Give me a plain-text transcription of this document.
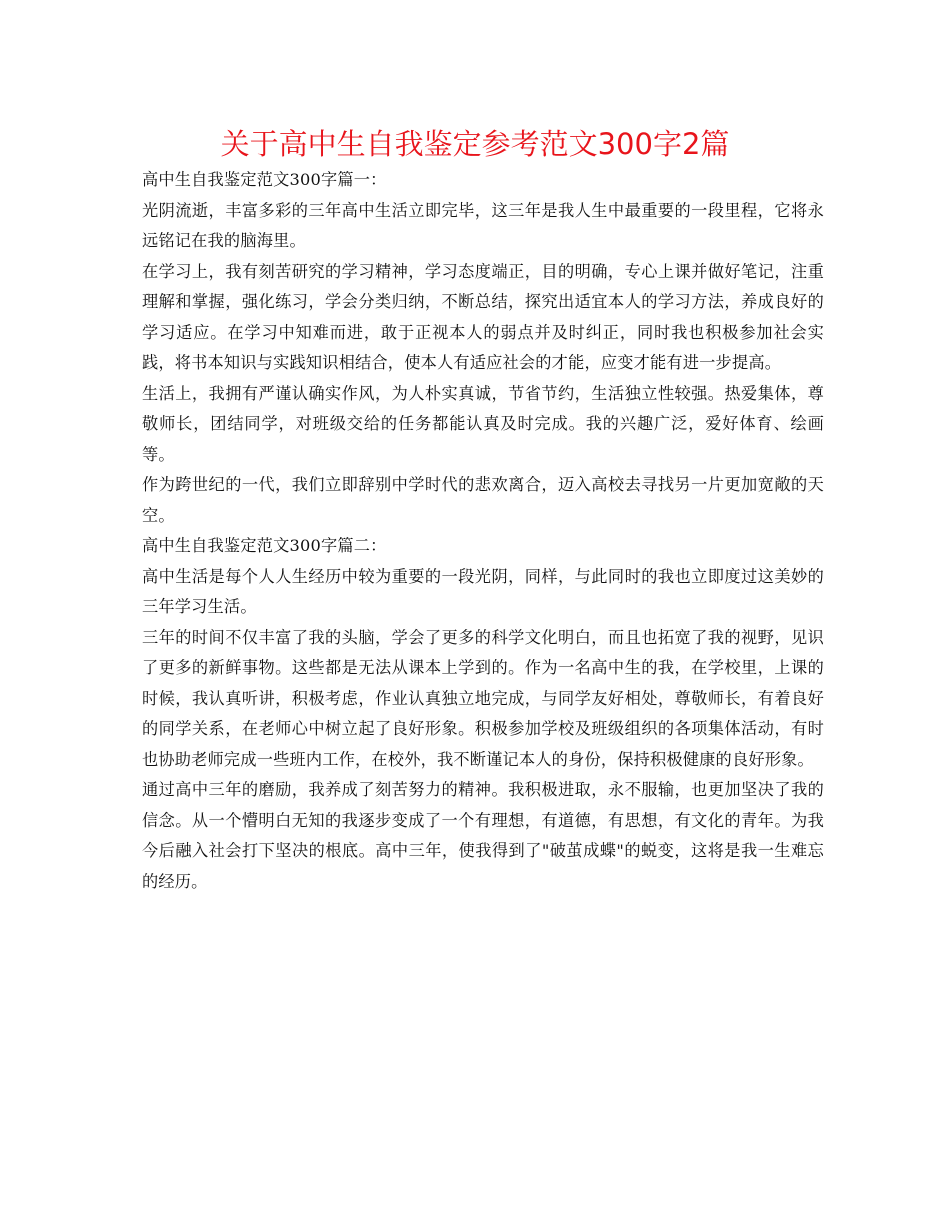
关于高中生自我鉴定参考范文300字2篇

高中生自我鉴定范文300字篇一：

光阴流逝，丰富多彩的三年高中生活立即完毕，这三年是我人生中最重要的一段里程，它将永远铭记在我的脑海里。

在学习上，我有刻苦研究的学习精神，学习态度端正，目的明确，专心上课并做好笔记，注重理解和掌握，强化练习，学会分类归纳，不断总结，探究出适宜本人的学习方法，养成良好的学习适应。在学习中知难而进，敢于正视本人的弱点并及时纠正，同时我也积极参加社会实践，将书本知识与实践知识相结合，使本人有适应社会的才能，应变才能有进一步提高。

生活上，我拥有严谨认确实作风，为人朴实真诚，节省节约，生活独立性较强。热爱集体，尊敬师长，团结同学，对班级交给的任务都能认真及时完成。我的兴趣广泛，爱好体育、绘画等。

作为跨世纪的一代，我们立即辞别中学时代的悲欢离合，迈入高校去寻找另一片更加宽敞的天空。

高中生自我鉴定范文300字篇二：

高中生活是每个人人生经历中较为重要的一段光阴，同样，与此同时的我也立即度过这美妙的三年学习生活。

三年的时间不仅丰富了我的头脑，学会了更多的科学文化明白，而且也拓宽了我的视野，见识了更多的新鲜事物。这些都是无法从课本上学到的。作为一名高中生的我，在学校里，上课的时候，我认真听讲，积极考虑，作业认真独立地完成，与同学友好相处，尊敬师长，有着良好的同学关系，在老师心中树立起了良好形象。积极参加学校及班级组织的各项集体活动，有时也协助老师完成一些班内工作，在校外，我不断谨记本人的身份，保持积极健康的良好形象。

通过高中三年的磨励，我养成了刻苦努力的精神。我积极进取，永不服输，也更加坚决了我的信念。从一个懵明白无知的我逐步变成了一个有理想，有道德，有思想，有文化的青年。为我今后融入社会打下坚决的根底。高中三年，使我得到了"破茧成蝶"的蜕变，这将是我一生难忘的经历。
